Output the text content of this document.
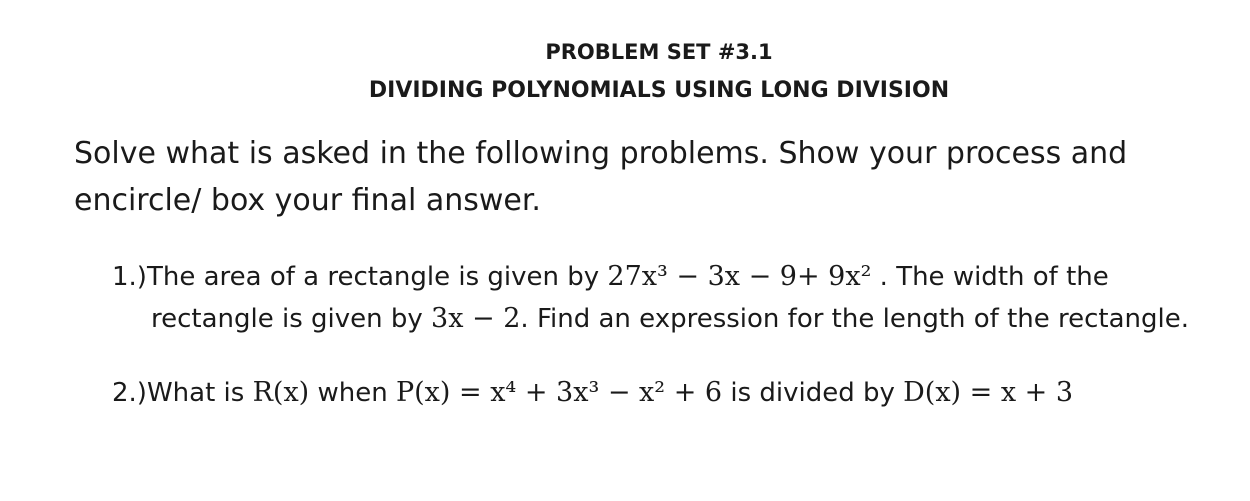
PROBLEM SET #3.1
DIVIDING POLYNOMIALS USING LONG DIVISION
Solve what is asked in the following problems. Show your process and encircle/ box your final answer.
1.)The area of a rectangle is given by 27x³ − 3x − 9+ 9x² . The width of the
rectangle is given by 3x − 2. Find an expression for the length of the rectangle.
2.)What is R(x) when P(x) = x⁴ + 3x³ − x² + 6 is divided by D(x) = x + 3
